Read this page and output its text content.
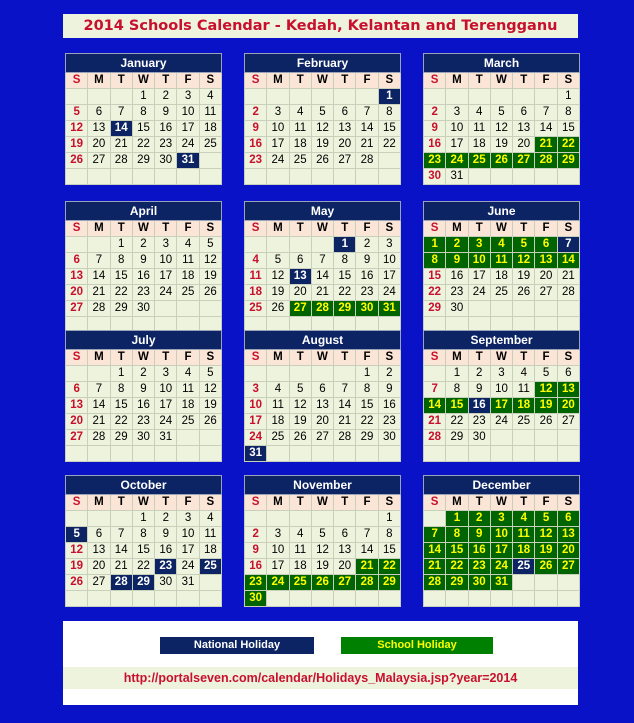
2014 Schools Calendar - Kedah, Kelantan and Terengganu
January						
S	M	T	W	T	F	S
			1	2	3	4
5	6	7	8	9	10	11
12	13	14	15	16	17	18
19	20	21	22	23	24	25
26	27	28	29	30	31	

February						
S	M	T	W	T	F	S
						1
2	3	4	5	6	7	8
9	10	11	12	13	14	15
16	17	18	19	20	21	22
23	24	25	26	27	28	

March						
S	M	T	W	T	F	S
						1
2	3	4	5	6	7	8
9	10	11	12	13	14	15
16	17	18	19	20	21	22
23	24	25	26	27	28	29
30	31					
April						
S	M	T	W	T	F	S
		1	2	3	4	5
6	7	8	9	10	11	12
13	14	15	16	17	18	19
20	21	22	23	24	25	26
27	28	29	30			

May						
S	M	T	W	T	F	S
				1	2	3
4	5	6	7	8	9	10
11	12	13	14	15	16	17
18	19	20	21	22	23	24
25	26	27	28	29	30	31

June						
S	M	T	W	T	F	S
1	2	3	4	5	6	7
8	9	10	11	12	13	14
15	16	17	18	19	20	21
22	23	24	25	26	27	28
29	30					

July						
S	M	T	W	T	F	S
		1	2	3	4	5
6	7	8	9	10	11	12
13	14	15	16	17	18	19
20	21	22	23	24	25	26
27	28	29	30	31		

August						
S	M	T	W	T	F	S
					1	2
3	4	5	6	7	8	9
10	11	12	13	14	15	16
17	18	19	20	21	22	23
24	25	26	27	28	29	30
31						
September						
S	M	T	W	T	F	S
	1	2	3	4	5	6
7	8	9	10	11	12	13
14	15	16	17	18	19	20
21	22	23	24	25	26	27
28	29	30				

October						
S	M	T	W	T	F	S
			1	2	3	4
5	6	7	8	9	10	11
12	13	14	15	16	17	18
19	20	21	22	23	24	25
26	27	28	29	30	31	

November						
S	M	T	W	T	F	S
						1
2	3	4	5	6	7	8
9	10	11	12	13	14	15
16	17	18	19	20	21	22
23	24	25	26	27	28	29
30						
December						
S	M	T	W	T	F	S
	1	2	3	4	5	6
7	8	9	10	11	12	13
14	15	16	17	18	19	20
21	22	23	24	25	26	27
28	29	30	31			

National Holiday	School Holiday
http://portalseven.com/calendar/Holidays_Malaysia.jsp?year=2014
